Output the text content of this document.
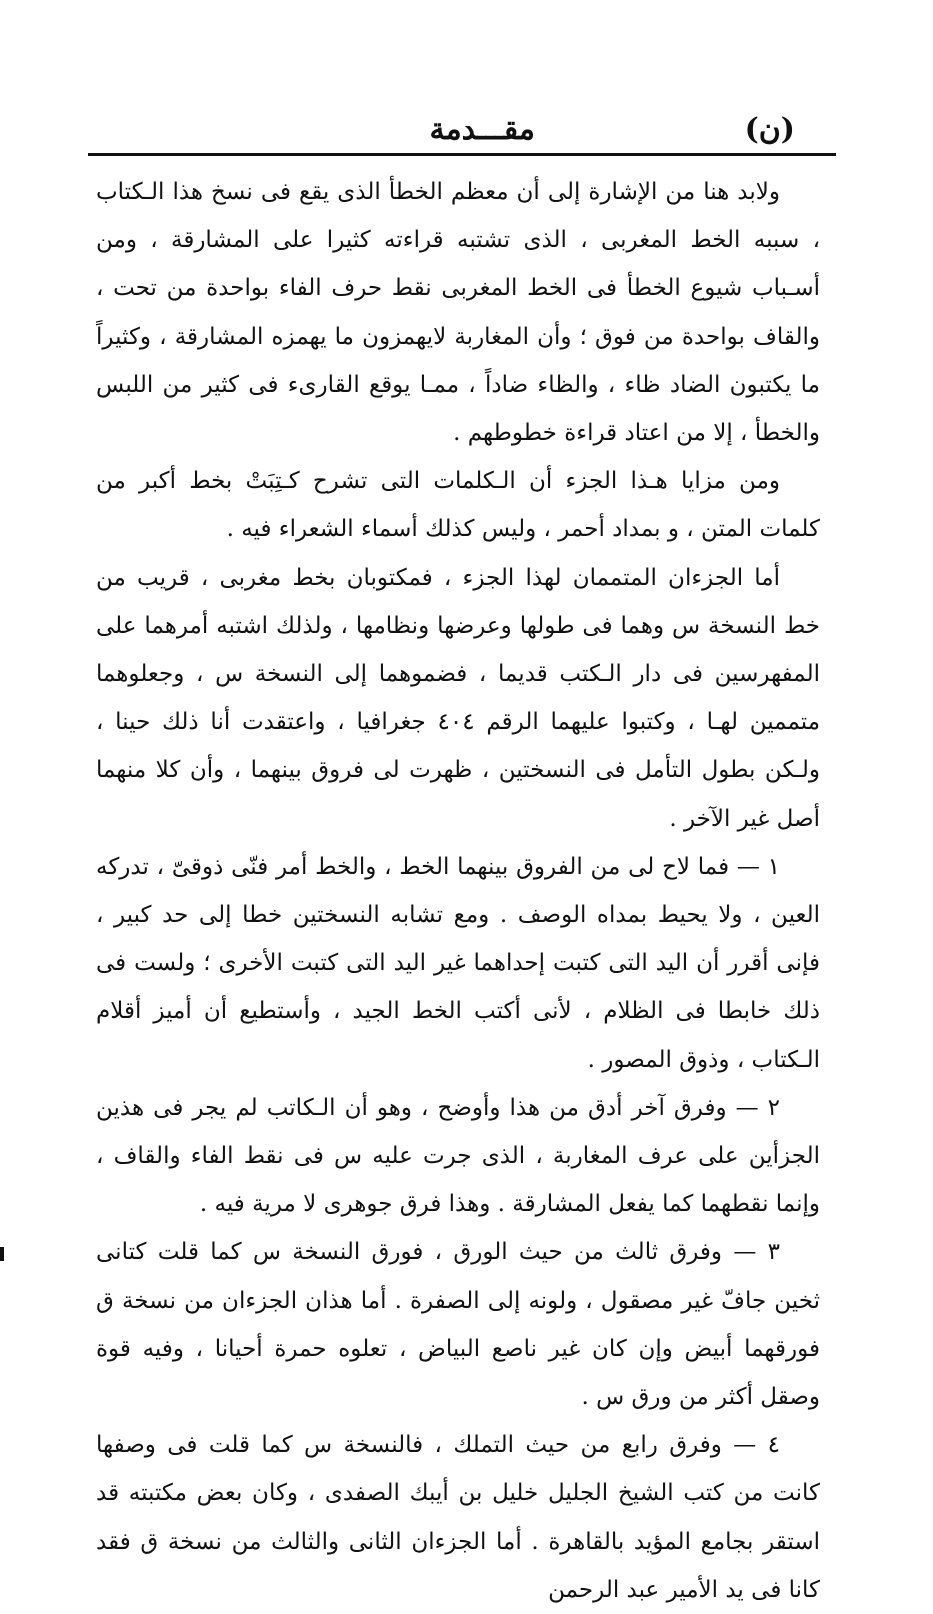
(ن)
مقـــدمة

ولابد هنا من الإشارة إلى أن معظم الخطأ الذى يقع فى نسخ هذا الـكتاب ، سببه الخط المغربى ، الذى تشتبه قراءته كثيرا على المشارقة ، ومن أسـباب شيوع الخطأ فى الخط المغربى نقط حرف الفاء بواحدة من تحت ، والقاف بواحدة من فوق ؛ وأن المغاربة لايهمزون ما يهمزه المشارقة ، وكثيراً ما يكتبون الضاد ظاء ، والظاء ضاداً ، ممـا يوقع القارىء فى كثير من اللبس والخطأ ، إلا من اعتاد قراءة خطوطهم .

ومن مزايا هـذا الجزء أن الـكلمات التى تشرح كـتِبَتْ بخط أكبر من كلمات المتن ، و بمداد أحمر ، وليس كذلك أسماء الشعراء فيه .

أما الجزءان المتممان لهذا الجزء ، فمكتوبان بخط مغربى ، قريب من خط النسخة س وهما فى طولها وعرضها ونظامها ، ولذلك اشتبه أمرهما على المفهرسين فى دار الـكتب قديما ، فضموهما إلى النسخة س ، وجعلوهما متممين لهـا ، وكتبوا عليهما الرقم ٤٠٤ جغرافيا ، واعتقدت أنا ذلك حينا ، ولـكن بطول التأمل فى النسختين ، ظهرت لى فروق بينهما ، وأن كلا منهما أصل غير الآخر .

١ — فما لاح لى من الفروق بينهما الخط ، والخط أمر فنّى ذوقىّ ، تدركه العين ، ولا يحيط بمداه الوصف . ومع تشابه النسختين خطا إلى حد كبير ، فإنى أقرر أن اليد التى كتبت إحداهما غير اليد التى كتبت الأخرى ؛ ولست فى ذلك خابطا فى الظلام ، لأنى أكتب الخط الجيد ، وأستطيع أن أميز أقلام الـكتاب ، وذوق المصور .

٢ — وفرق آخر أدق من هذا وأوضح ، وهو أن الـكاتب لم يجر فى هذين الجزأين على عرف المغاربة ، الذى جرت عليه س فى نقط الفاء والقاف ، وإنما نقطهما كما يفعل المشارقة . وهذا فرق جوهرى لا مرية فيه .

٣ — وفرق ثالث من حيث الورق ، فورق النسخة س كما قلت كتانى ثخين جافّ غير مصقول ، ولونه إلى الصفرة . أما هذان الجزءان من نسخة ق فورقهما أبيض وإن كان غير ناصع البياض ، تعلوه حمرة أحيانا ، وفيه قوة وصقل أكثر من ورق س .

٤ — وفرق رابع من حيث التملك ، فالنسخة س كما قلت فى وصفها كانت من كتب الشيخ الجليل خليل بن أيبك الصفدى ، وكان بعض مكتبته قد استقر بجامع المؤيد بالقاهرة . أما الجزءان الثانى والثالث من نسخة ق فقد كانا فى يد الأمير عبد الرحمن
